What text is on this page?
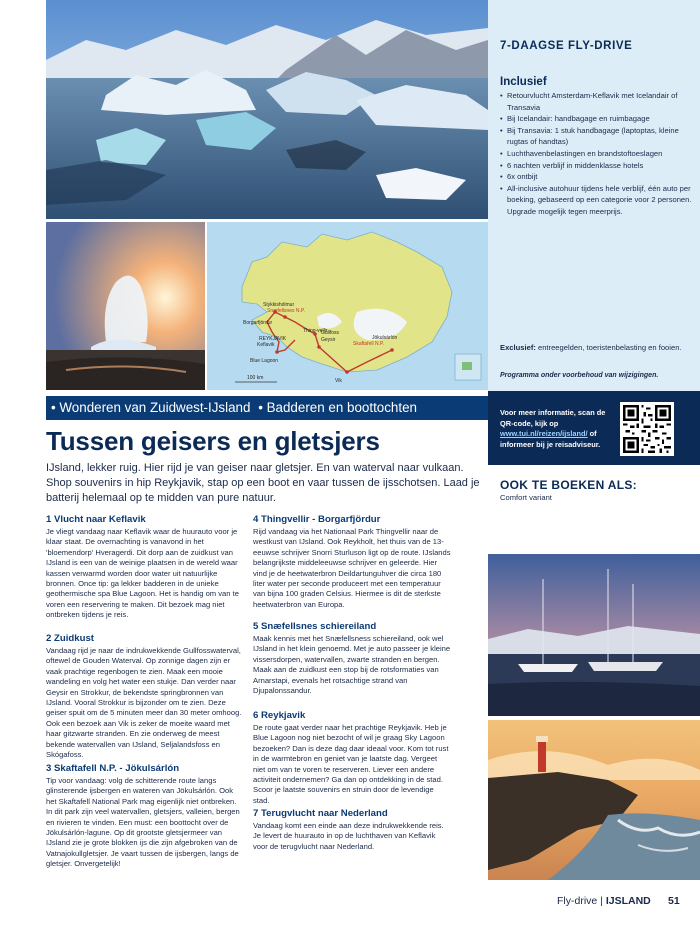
Stykkishólmur
Snæfellsnes N.P.
Borgarfjördur
Thing-vellir
Gullfoss
Geysir
REYKJAVIK
Keflavik
Blue Lagoon
Jökulsárlón
Skaftafell N.P.
Vik
100 km
7-DAAGSE FLY-DRIVE
Inclusief
• Retourvlucht Amsterdam-Keflavik met Icelandair of Transavia
• Bij Icelandair: handbagage en ruimbagage
• Bij Transavia: 1 stuk handbagage (laptoptas, kleine rugtas of handtas)
• Luchthavenbelastingen en brandstoftoeslagen
• 6 nachten verblijf in middenklasse hotels
• 6x ontbijt
• All-inclusive autohuur tijdens hele verblijf, één auto per boeking, gebaseerd op een categorie voor 2 personen. Upgrade mogelijk tegen meerprijs.
Exclusief: entreegelden, toeristenbelasting en fooien.
Programma onder voorbehoud van wijzigingen.
Voor meer informatie, scan de QR-code, kijk op www.tui.nl/reizen/ijsland/ of informeer bij je reisadviseur.
OOK TE BOEKEN ALS:
Comfort variant
• Wonderen van Zuidwest-IJsland • Badderen en boottochten
Tussen geisers en gletsjers
IJsland, lekker ruig. Hier rijd je van geiser naar gletsjer. En van waterval naar vulkaan. Shop souvenirs in hip Reykjavik, stap op een boot en vaar tussen de ijsschotsen. Laad je batterij helemaal op te midden van pure natuur.
1 Vlucht naar Keflavik

Je vliegt vandaag naar Keflavik waar de huurauto voor je klaar staat. De overnachting is vanavond in het 'bloemendorp' Hveragerdi. Dit dorp aan de zuidkust van IJsland is een van de weinige plaatsen in de wereld waar kassen verwarmd worden door water uit natuurlijke bronnen. Once tip: ga lekker badderen in de unieke geothermische spa Blue Lagoon. Het is handig om van te voren een reservering te maken. Dit bezoek mag niet ontbreken tijdens je reis.

2 Zuidkust

Vandaag rijd je naar de indrukwekkende Gullfosswaterval, oftewel de Gouden Waterval. Op zonnige dagen zijn er vaak prachtige regenbogen te zien. Maak een mooie wandeling en volg het water een stukje. Dan verder naar Geysir en Strokkur, de bekendste springbronnen van IJsland. Vooral Strokkur is bijzonder om te zien. Deze geiser spuit om de 5 minuten meer dan 30 meter omhoog. Ook een bezoek aan Vik is zeker de moeite waard met haar gitzwarte stranden. En zie onderweg de meest bekende watervallen van IJsland, Seljalandsfoss en Skógafoss.

3 Skaftafell N.P. - Jökulsárlón

Tip voor vandaag: volg de schitterende route langs glinsterende ijsbergen en wateren van Jökulsárlón. Ook het Skaftafell National Park mag eigenlijk niet ontbreken. In dit park zijn veel watervallen, gletsjers, valleien, bergen en rivieren te vinden. Een must: een boottocht over de Jökulsárlón-lagune. Op dit grootste gletsjermeer van IJsland zie je grote blokken ijs die zijn afgebroken van de Vatnajokullgletsjer. Je vaart tussen de ijsbergen, langs de gletsjer. Onvergetelijk!

4 Thingvellir - Borgarfjördur

Rijd vandaag via het Nationaal Park Thingvellir naar de westkust van IJsland. Ook Reykholt, het thuis van de 13-eeuwse schrijver Snorri Sturluson ligt op de route. IJslands belangrijkste middeleeuwse schrijver en geleerde. Hier vind je de heetwaterbron Deildartunguhver die circa 180 liter water per seconde produceert met een temperatuur van bijna 100 graden Celsius. Hiermee is dit de sterkste heetwaterbron van Europa.

5 Snæfellsnes schiereiland

Maak kennis met het Snæfellsness schiereiland, ook wel IJsland in het klein genoemd. Met je auto passeer je kleine vissersdorpen, watervallen, zwarte stranden en bergen. Maak aan de zuidkust een stop bij de rotsformaties van Arnarstapi, evenals het rotsachtige strand van Djupalonssandur.

6 Reykjavik

De route gaat verder naar het prachtige Reykjavik. Heb je Blue Lagoon nog niet bezocht of wil je graag Sky Lagoon bezoeken? Dan is deze dag daar ideaal voor. Kom tot rust in de warmtebron en geniet van je laatste dag. Vergeet niet om van te voren te reserveren. Liever een andere activiteit ondernemen? Ga dan op ontdekking in de stad. Scoor je laatste souvenirs en struin door de levendige stad.

7 Terugvlucht naar Nederland

Vandaag komt een einde aan deze indrukwekkende reis. Je levert de huurauto in op de luchthaven van Keflavik voor de terugvlucht naar Nederland.

Fly-drive | IJSLAND 51
